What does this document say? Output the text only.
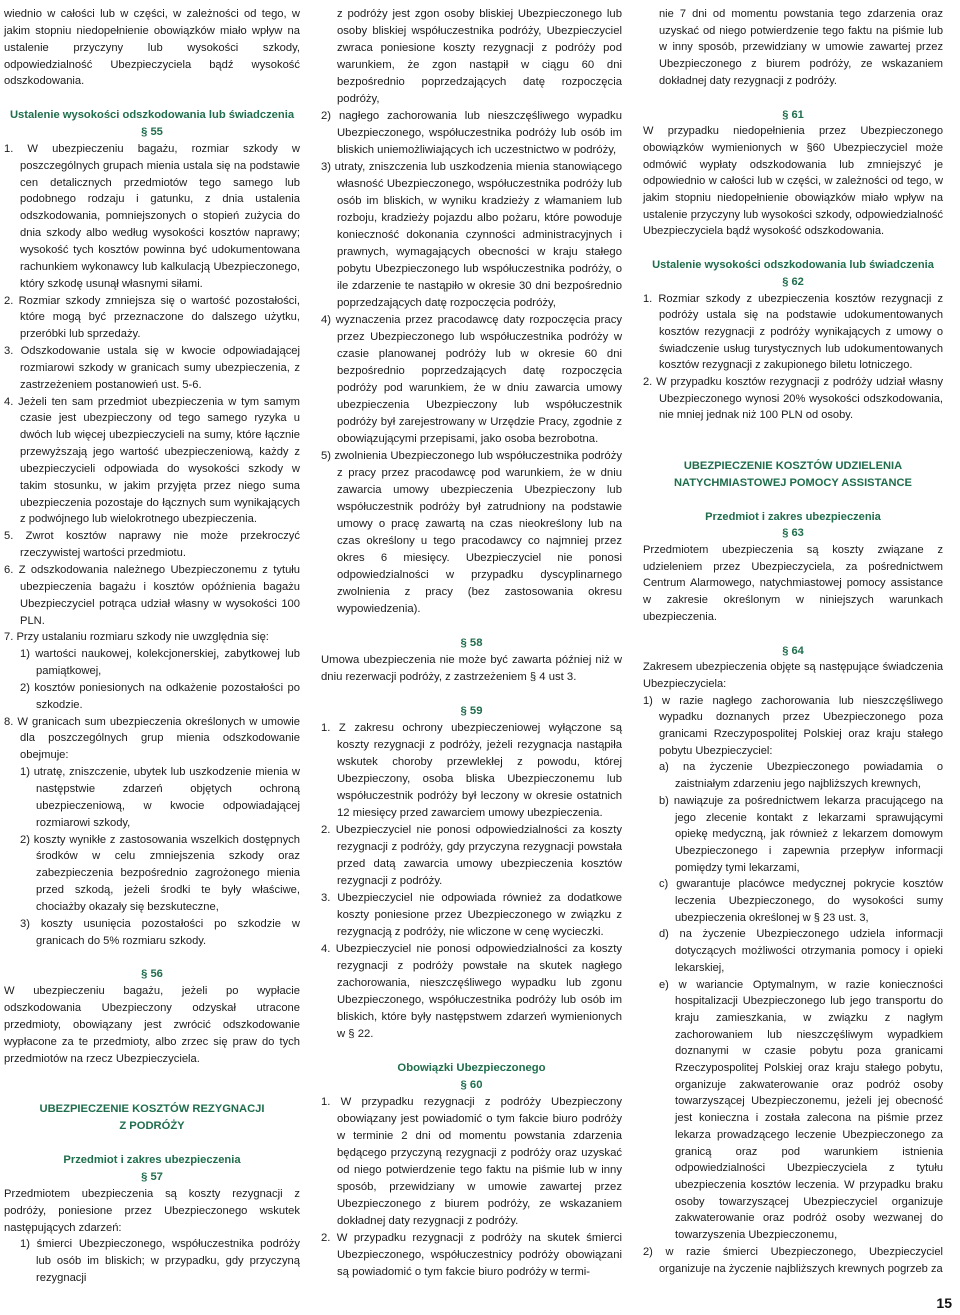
wiednio w całości lub w części, w zależności od tego, w jakim stopniu niedopełnienie obowiązków miało wpływ na ustalenie przyczyny lub wysokości szkody, odpowiedzialność Ubezpieczyciela bądź wysokość odszkodowania.

Ustalenie wysokości odszkodowania lub świadczenia

§ 55

1. W ubezpieczeniu bagażu, rozmiar szkody w poszczególnych grupach mienia ustala się na podstawie cen detalicznych przedmiotów tego samego lub podobnego rodzaju i gatunku, z dnia ustalenia odszkodowania, pomniejszonych o stopień zużycia do dnia szkody albo według wysokości kosztów naprawy; wysokość tych kosztów powinna być udokumentowana rachunkiem wykonawcy lub kalkulacją Ubezpieczonego, który szkodę usunął własnymi siłami.

2. Rozmiar szkody zmniejsza się o wartość pozostałości, które mogą być przeznaczone do dalszego użytku, przeróbki lub sprzedaży.

3. Odszkodowanie ustala się w kwocie odpowiadającej rozmiarowi szkody w granicach sumy ubezpieczenia, z zastrzeżeniem postanowień ust. 5-6.

4. Jeżeli ten sam przedmiot ubezpieczenia w tym samym czasie jest ubezpieczony od tego samego ryzyka u dwóch lub więcej ubezpieczycieli na sumy, które łącznie przewyższają jego wartość ubezpieczeniową, każdy z ubezpieczycieli odpowiada do wysokości szkody w takim stosunku, w jakim przyjęta przez niego suma ubezpieczenia pozostaje do łącznych sum wynikających z podwójnego lub wielokrotnego ubezpieczenia.

5. Zwrot kosztów naprawy nie może przekroczyć rzeczywistej wartości przedmiotu.

6. Z odszkodowania należnego Ubezpieczonemu z tytułu ubezpieczenia bagażu i kosztów opóźnienia bagażu Ubezpieczyciel potrąca udział własny w wysokości 100 PLN.

7. Przy ustalaniu rozmiaru szkody nie uwzględnia się:

1) wartości naukowej, kolekcjonerskiej, zabytkowej lub pamiątkowej,

2) kosztów poniesionych na odkażenie pozostałości po szkodzie.

8. W granicach sum ubezpieczenia określonych w umowie dla poszczególnych grup mienia odszkodowanie obejmuje:

1) utratę, zniszczenie, ubytek lub uszkodzenie mienia w następstwie zdarzeń objętych ochroną ubezpieczeniową, w kwocie odpowiadającej rozmiarowi szkody,

2) koszty wynikłe z zastosowania wszelkich dostępnych środków w celu zmniejszenia szkody oraz zabezpieczenia bezpośrednio zagrożonego mienia przed szkodą, jeżeli środki te były właściwe, chociażby okazały się bezskuteczne,

3) koszty usunięcia pozostałości po szkodzie w granicach do 5% rozmiaru szkody.

§ 56

W ubezpieczeniu bagażu, jeżeli po wypłacie odszkodowania Ubezpieczony odzyskał utracone przedmioty, obowiązany jest zwrócić odszkodowanie wypłacone za te przedmioty, albo zrzec się praw do tych przedmiotów na rzecz Ubezpieczyciela.

UBEZPIECZENIE KOSZTÓW REZYGNACJI

Z PODRÓŻY

Przedmiot i zakres ubezpieczenia

§ 57

Przedmiotem ubezpieczenia są koszty rezygnacji z podróży, poniesione przez Ubezpieczonego wskutek następujących zdarzeń:

1) śmierci Ubezpieczonego, współuczestnika podróży lub osób im bliskich; w przypadku, gdy przyczyną rezygnacji

z podróży jest zgon osoby bliskiej Ubezpieczonego lub osoby bliskiej współuczestnika podróży, Ubezpieczyciel zwraca poniesione koszty rezygnacji z podróży pod warunkiem, że zgon nastąpił w ciągu 60 dni bezpośrednio poprzedzających datę rozpoczęcia podróży,

2) nagłego zachorowania lub nieszczęśliwego wypadku Ubezpieczonego, współuczestnika podróży lub osób im bliskich uniemożliwiających ich uczestnictwo w podróży,

3) utraty, zniszczenia lub uszkodzenia mienia stanowiącego własność Ubezpieczonego, współuczestnika podróży lub osób im bliskich, w wyniku kradzieży z włamaniem lub rozboju, kradzieży pojazdu albo pożaru, które powoduje konieczność dokonania czynności administracyjnych i prawnych, wymagających obecności w kraju stałego pobytu Ubezpieczonego lub współuczestnika podróży, o ile zdarzenie te nastąpiło w okresie 30 dni bezpośrednio poprzedzających datę rozpoczęcia podróży,

4) wyznaczenia przez pracodawcę daty rozpoczęcia pracy przez Ubezpieczonego lub współuczestnika podróży w czasie planowanej podróży lub w okresie 60 dni bezpośrednio poprzedzających datę rozpoczęcia podróży pod warunkiem, że w dniu zawarcia umowy ubezpieczenia Ubezpieczony lub współuczestnik podróży był zarejestrowany w Urzędzie Pracy, zgodnie z obowiązującymi przepisami, jako osoba bezrobotna.

5) zwolnienia Ubezpieczonego lub współuczestnika podróży z pracy przez pracodawcę pod warunkiem, że w dniu zawarcia umowy ubezpieczenia Ubezpieczony lub współuczestnik podróży był zatrudniony na podstawie umowy o pracę zawartą na czas nieokreślony lub na czas określony u tego pracodawcy co najmniej przez okres 6 miesięcy. Ubezpieczyciel nie ponosi odpowiedzialności w przypadku dyscyplinarnego zwolnienia z pracy (bez zastosowania okresu wypowiedzenia).

§ 58

Umowa ubezpieczenia nie może być zawarta później niż w dniu rezerwacji podróży, z zastrzeżeniem § 4 ust 3.

§ 59

1. Z zakresu ochrony ubezpieczeniowej wyłączone są koszty rezygnacji z podróży, jeżeli rezygnacja nastąpiła wskutek choroby przewlekłej z powodu, której Ubezpieczony, osoba bliska Ubezpieczonemu lub współuczestnik podróży był leczony w okresie ostatnich 12 miesięcy przed zawarciem umowy ubezpieczenia.

2. Ubezpieczyciel nie ponosi odpowiedzialności za koszty rezygnacji z podróży, gdy przyczyna rezygnacji powstała przed datą zawarcia umowy ubezpieczenia kosztów rezygnacji z podróży.

3. Ubezpieczyciel nie odpowiada również za dodatkowe koszty poniesione przez Ubezpieczonego w związku z rezygnacją z podróży, nie wliczone w cenę wycieczki.

4. Ubezpieczyciel nie ponosi odpowiedzialności za koszty rezygnacji z podróży powstałe na skutek nagłego zachorowania, nieszczęśliwego wypadku lub zgonu Ubezpieczonego, współuczestnika podróży lub osób im bliskich, które były następstwem zdarzeń wymienionych w § 22.

Obowiązki Ubezpieczonego

§ 60

1. W przypadku rezygnacji z podróży Ubezpieczony obowiązany jest powiadomić o tym fakcie biuro podróży w terminie 2 dni od momentu powstania zdarzenia będącego przyczyną rezygnacji z podróży oraz uzyskać od niego potwierdzenie tego faktu na piśmie lub w inny sposób, przewidziany w umowie zawartej przez Ubezpieczonego z biurem podróży, ze wskazaniem dokładnej daty rezygnacji z podróży.

2. W przypadku rezygnacji z podróży na skutek śmierci Ubezpieczonego, współuczestnicy podróży obowiązani są powiadomić o tym fakcie biuro podróży w termi-

nie 7 dni od momentu powstania tego zdarzenia oraz uzyskać od niego potwierdzenie tego faktu na piśmie lub w inny sposób, przewidziany w umowie zawartej przez Ubezpieczonego z biurem podróży, ze wskazaniem dokładnej daty rezygnacji z podróży.

§ 61

W przypadku niedopełnienia przez Ubezpieczonego obowiązków wymienionych w §60 Ubezpieczyciel może odmówić wypłaty odszkodowania lub zmniejszyć je odpowiednio w całości lub w części, w zależności od tego, w jakim stopniu niedopełnienie obowiązków miało wpływ na ustalenie przyczyny lub wysokości szkody, odpowiedzialność Ubezpieczyciela bądź wysokość odszkodowania.

Ustalenie wysokości odszkodowania lub świadczenia

§ 62

1. Rozmiar szkody z ubezpieczenia kosztów rezygnacji z podróży ustala się na podstawie udokumentowanych kosztów rezygnacji z podróży wynikających z umowy o świadczenie usług turystycznych lub udokumentowanych kosztów rezygnacji z zakupionego biletu lotniczego.

2. W przypadku kosztów rezygnacji z podróży udział własny Ubezpieczonego wynosi 20% wysokości odszkodowania, nie mniej jednak niż 100 PLN od osoby.

UBEZPIECZENIE KOSZTÓW UDZIELENIA

NATYCHMIASTOWEJ POMOCY ASSISTANCE

Przedmiot i zakres ubezpieczenia

§ 63

Przedmiotem ubezpieczenia są koszty związane z udzieleniem przez Ubezpieczyciela, za pośrednictwem Centrum Alarmowego, natychmiastowej pomocy assistance w zakresie określonym w niniejszych warunkach ubezpieczenia.

§ 64

Zakresem ubezpieczenia objęte są następujące świadczenia Ubezpieczyciela:

1) w razie nagłego zachorowania lub nieszczęśliwego wypadku doznanych przez Ubezpieczonego poza granicami Rzeczypospolitej Polskiej oraz kraju stałego pobytu Ubezpieczyciel:

a) na życzenie Ubezpieczonego powiadamia o zaistniałym zdarzeniu jego najbliższych krewnych,

b) nawiązuje za pośrednictwem lekarza pracującego na jego zlecenie kontakt z lekarzami sprawującymi opiekę medyczną, jak również z lekarzem domowym Ubezpieczonego i zapewnia przepływ informacji pomiędzy tymi lekarzami,

c) gwarantuje placówce medycznej pokrycie kosztów leczenia Ubezpieczonego, do wysokości sumy ubezpieczenia określonej w § 23 ust. 3,

d) na życzenie Ubezpieczonego udziela informacji dotyczących możliwości otrzymania pomocy i opieki lekarskiej,

e) w wariancie Optymalnym, w razie konieczności hospitalizacji Ubezpieczonego lub jego transportu do kraju zamieszkania, w związku z nagłym zachorowaniem lub nieszczęśliwym wypadkiem doznanymi w czasie pobytu poza granicami Rzeczypospolitej Polskiej oraz kraju stałego pobytu, organizuje zakwaterowanie oraz podróż osoby towarzyszącej Ubezpieczonemu, jeżeli jej obecność jest konieczna i została zalecona na piśmie przez lekarza prowadzącego leczenie Ubezpieczonego za granicą oraz pod warunkiem istnienia odpowiedzialności Ubezpieczyciela z tytułu ubezpieczenia kosztów leczenia. W przypadku braku osoby towarzyszącej Ubezpieczyciel organizuje zakwaterowanie oraz podróż osoby wezwanej do towarzyszenia Ubezpieczonemu,

2) w razie śmierci Ubezpieczonego, Ubezpieczyciel organizuje na życzenie najbliższych krewnych pogrzeb za

15
